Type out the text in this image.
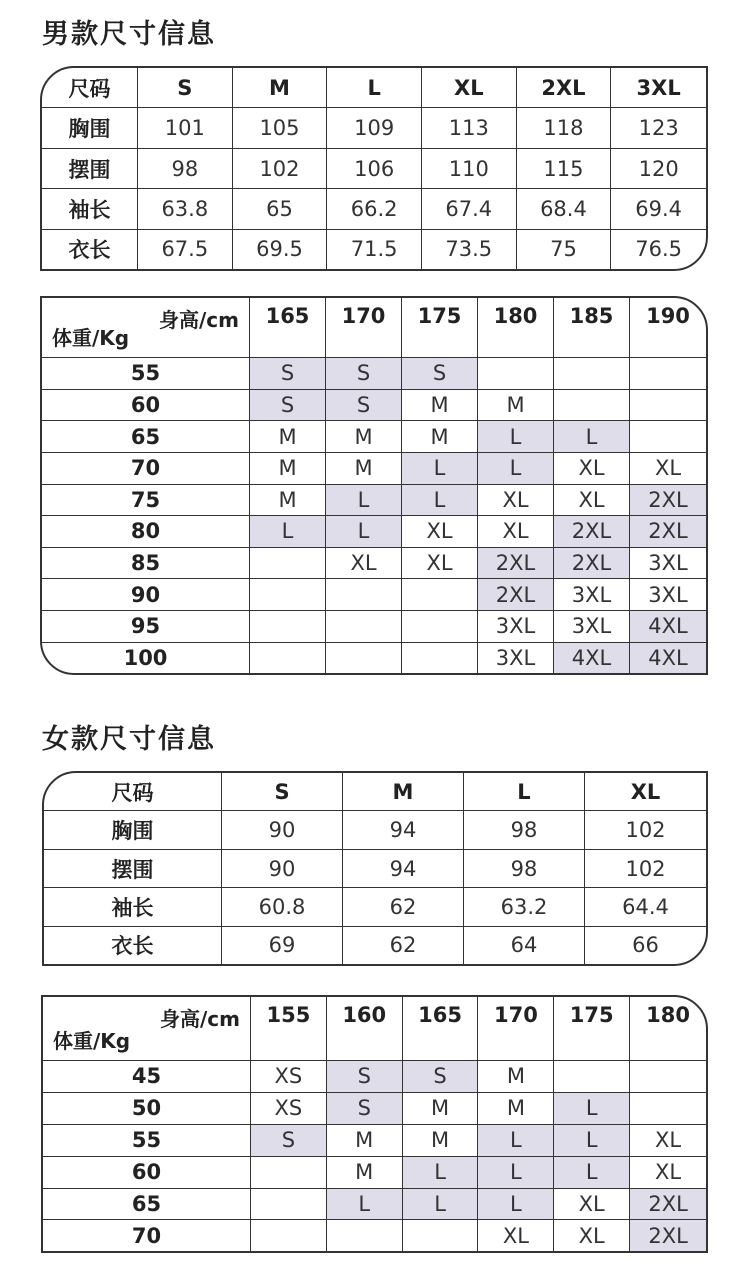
男款尺寸信息
尺码	S	M	L	XL	2XL	3XL
胸围	101	105	109	113	118	123
摆围	98	102	106	110	115	120
袖长	63.8	65	66.2	67.4	68.4	69.4
衣长	67.5	69.5	71.5	73.5	75	76.5
身高/cm
体重/Kg	165	170	175	180	185	190
55	S	S	S			
60	S	S	M	M		
65	M	M	M	L	L	
70	M	M	L	L	XL	XL
75	M	L	L	XL	XL	2XL
80	L	L	XL	XL	2XL	2XL
85		XL	XL	2XL	2XL	3XL
90				2XL	3XL	3XL
95				3XL	3XL	4XL
100				3XL	4XL	4XL
女款尺寸信息
尺码	S	M	L	XL
胸围	90	94	98	102
摆围	90	94	98	102
袖长	60.8	62	63.2	64.4
衣长	69	62	64	66
身高/cm
体重/Kg	155	160	165	170	175	180
45	XS	S	S	M		
50	XS	S	M	M	L	
55	S	M	M	L	L	XL
60		M	L	L	L	XL
65		L	L	L	XL	2XL
70				XL	XL	2XL
